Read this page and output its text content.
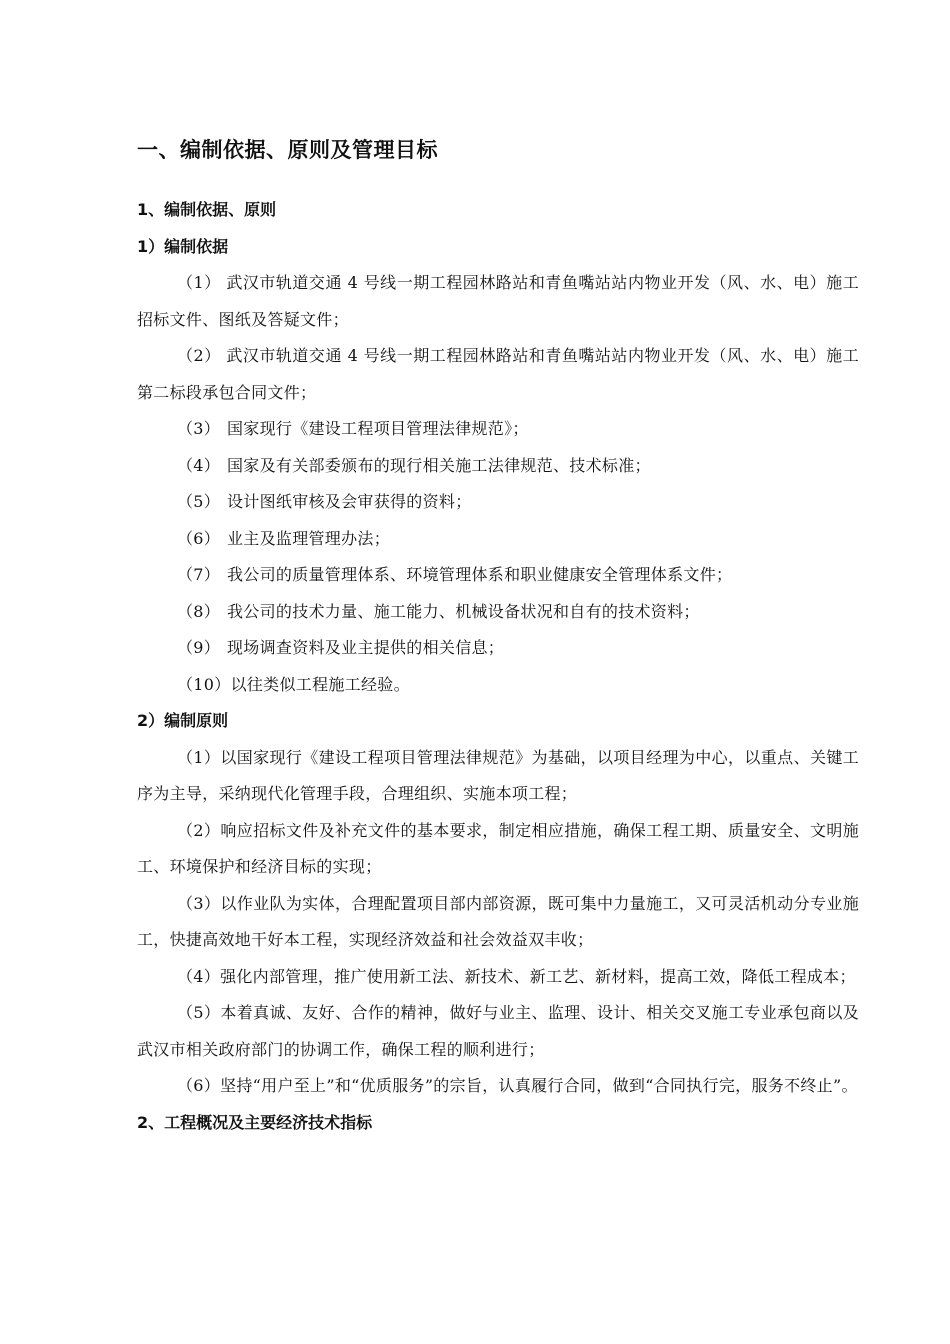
一、编制依据、原则及管理目标
1、编制依据、原则
1）编制依据

（1） 武汉市轨道交通 4 号线一期工程园林路站和青鱼嘴站站内物业开发（风、水、电）施工招标文件、图纸及答疑文件；

（2） 武汉市轨道交通 4 号线一期工程园林路站和青鱼嘴站站内物业开发（风、水、电）施工第二标段承包合同文件；

（3） 国家现行《建设工程项目管理法律规范》；

（4） 国家及有关部委颁布的现行相关施工法律规范、技术标准；

（5） 设计图纸审核及会审获得的资料；

（6） 业主及监理管理办法；

（7） 我公司的质量管理体系、环境管理体系和职业健康安全管理体系文件；

（8） 我公司的技术力量、施工能力、机械设备状况和自有的技术资料；

（9） 现场调查资料及业主提供的相关信息；

（10）以往类似工程施工经验。

2）编制原则

（1）以国家现行《建设工程项目管理法律规范》为基础，以项目经理为中心，以重点、关键工序为主导，采纳现代化管理手段，合理组织、实施本项工程；

（2）响应招标文件及补充文件的基本要求，制定相应措施，确保工程工期、质量安全、文明施工、环境保护和经济目标的实现；

（3）以作业队为实体，合理配置项目部内部资源，既可集中力量施工，又可灵活机动分专业施工，快捷高效地干好本工程，实现经济效益和社会效益双丰收；

（4）强化内部管理，推广使用新工法、新技术、新工艺、新材料，提高工效，降低工程成本；

（5）本着真诚、友好、合作的精神，做好与业主、监理、设计、相关交叉施工专业承包商以及武汉市相关政府部门的协调工作，确保工程的顺利进行；

（6）坚持“用户至上”和“优质服务”的宗旨，认真履行合同，做到“合同执行完，服务不终止”。

2、工程概况及主要经济技术指标
